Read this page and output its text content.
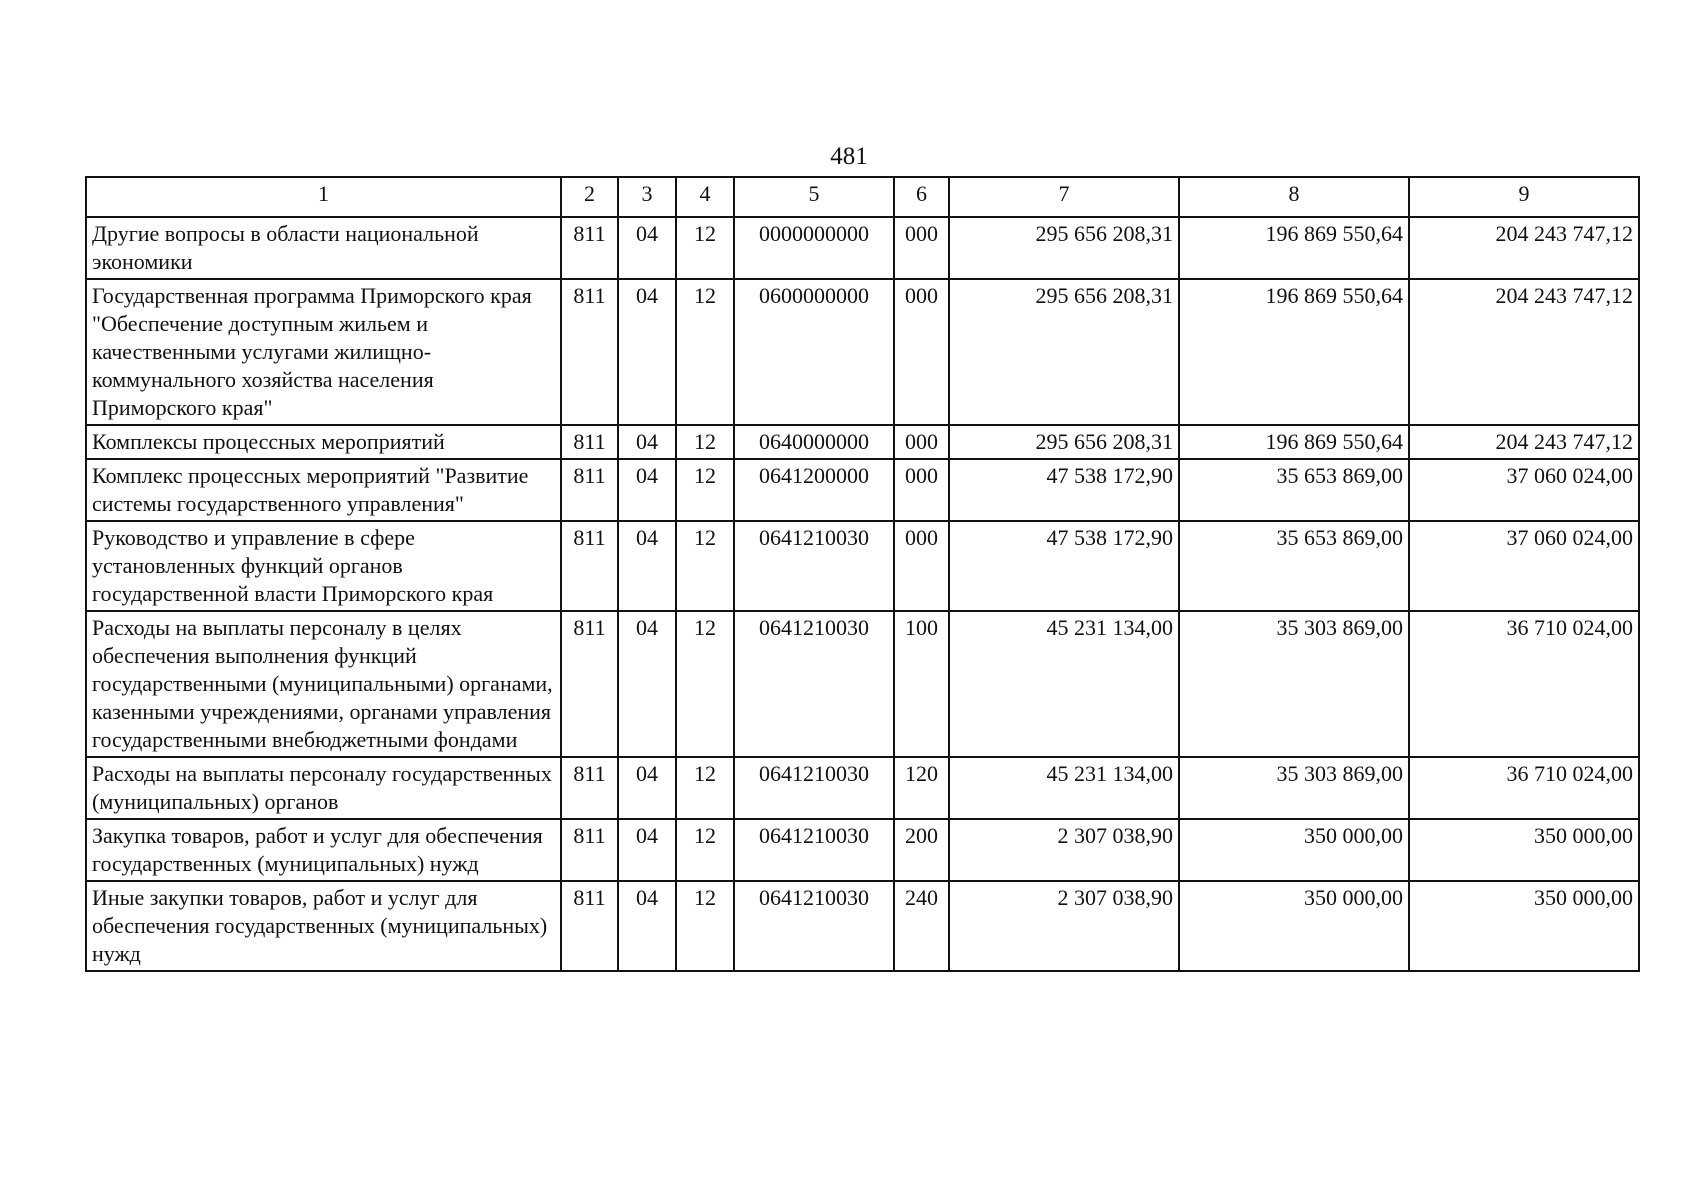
481
1	2	3	4	5	6	7	8	9
Другие вопросы в области национальной экономики	811	04	12	0000000000	000	295 656 208,31	196 869 550,64	204 243 747,12
Государственная программа Приморского края "Обеспечение доступным жильем и качественными услугами жилищно-коммунального хозяйства населения Приморского края"	811	04	12	0600000000	000	295 656 208,31	196 869 550,64	204 243 747,12
Комплексы процессных мероприятий	811	04	12	0640000000	000	295 656 208,31	196 869 550,64	204 243 747,12
Комплекс процессных мероприятий "Развитие системы государственного управления"	811	04	12	0641200000	000	47 538 172,90	35 653 869,00	37 060 024,00
Руководство и управление в сфере установленных функций органов государственной власти Приморского края	811	04	12	0641210030	000	47 538 172,90	35 653 869,00	37 060 024,00
Расходы на выплаты персоналу в целях обеспечения выполнения функций государственными (муниципальными) органами, казенными учреждениями, органами управления государственными внебюджетными фондами	811	04	12	0641210030	100	45 231 134,00	35 303 869,00	36 710 024,00
Расходы на выплаты персоналу государственных (муниципальных) органов	811	04	12	0641210030	120	45 231 134,00	35 303 869,00	36 710 024,00
Закупка товаров, работ и услуг для обеспечения государственных (муниципальных) нужд	811	04	12	0641210030	200	2 307 038,90	350 000,00	350 000,00
Иные закупки товаров, работ и услуг для обеспечения государственных (муниципальных) нужд	811	04	12	0641210030	240	2 307 038,90	350 000,00	350 000,00
